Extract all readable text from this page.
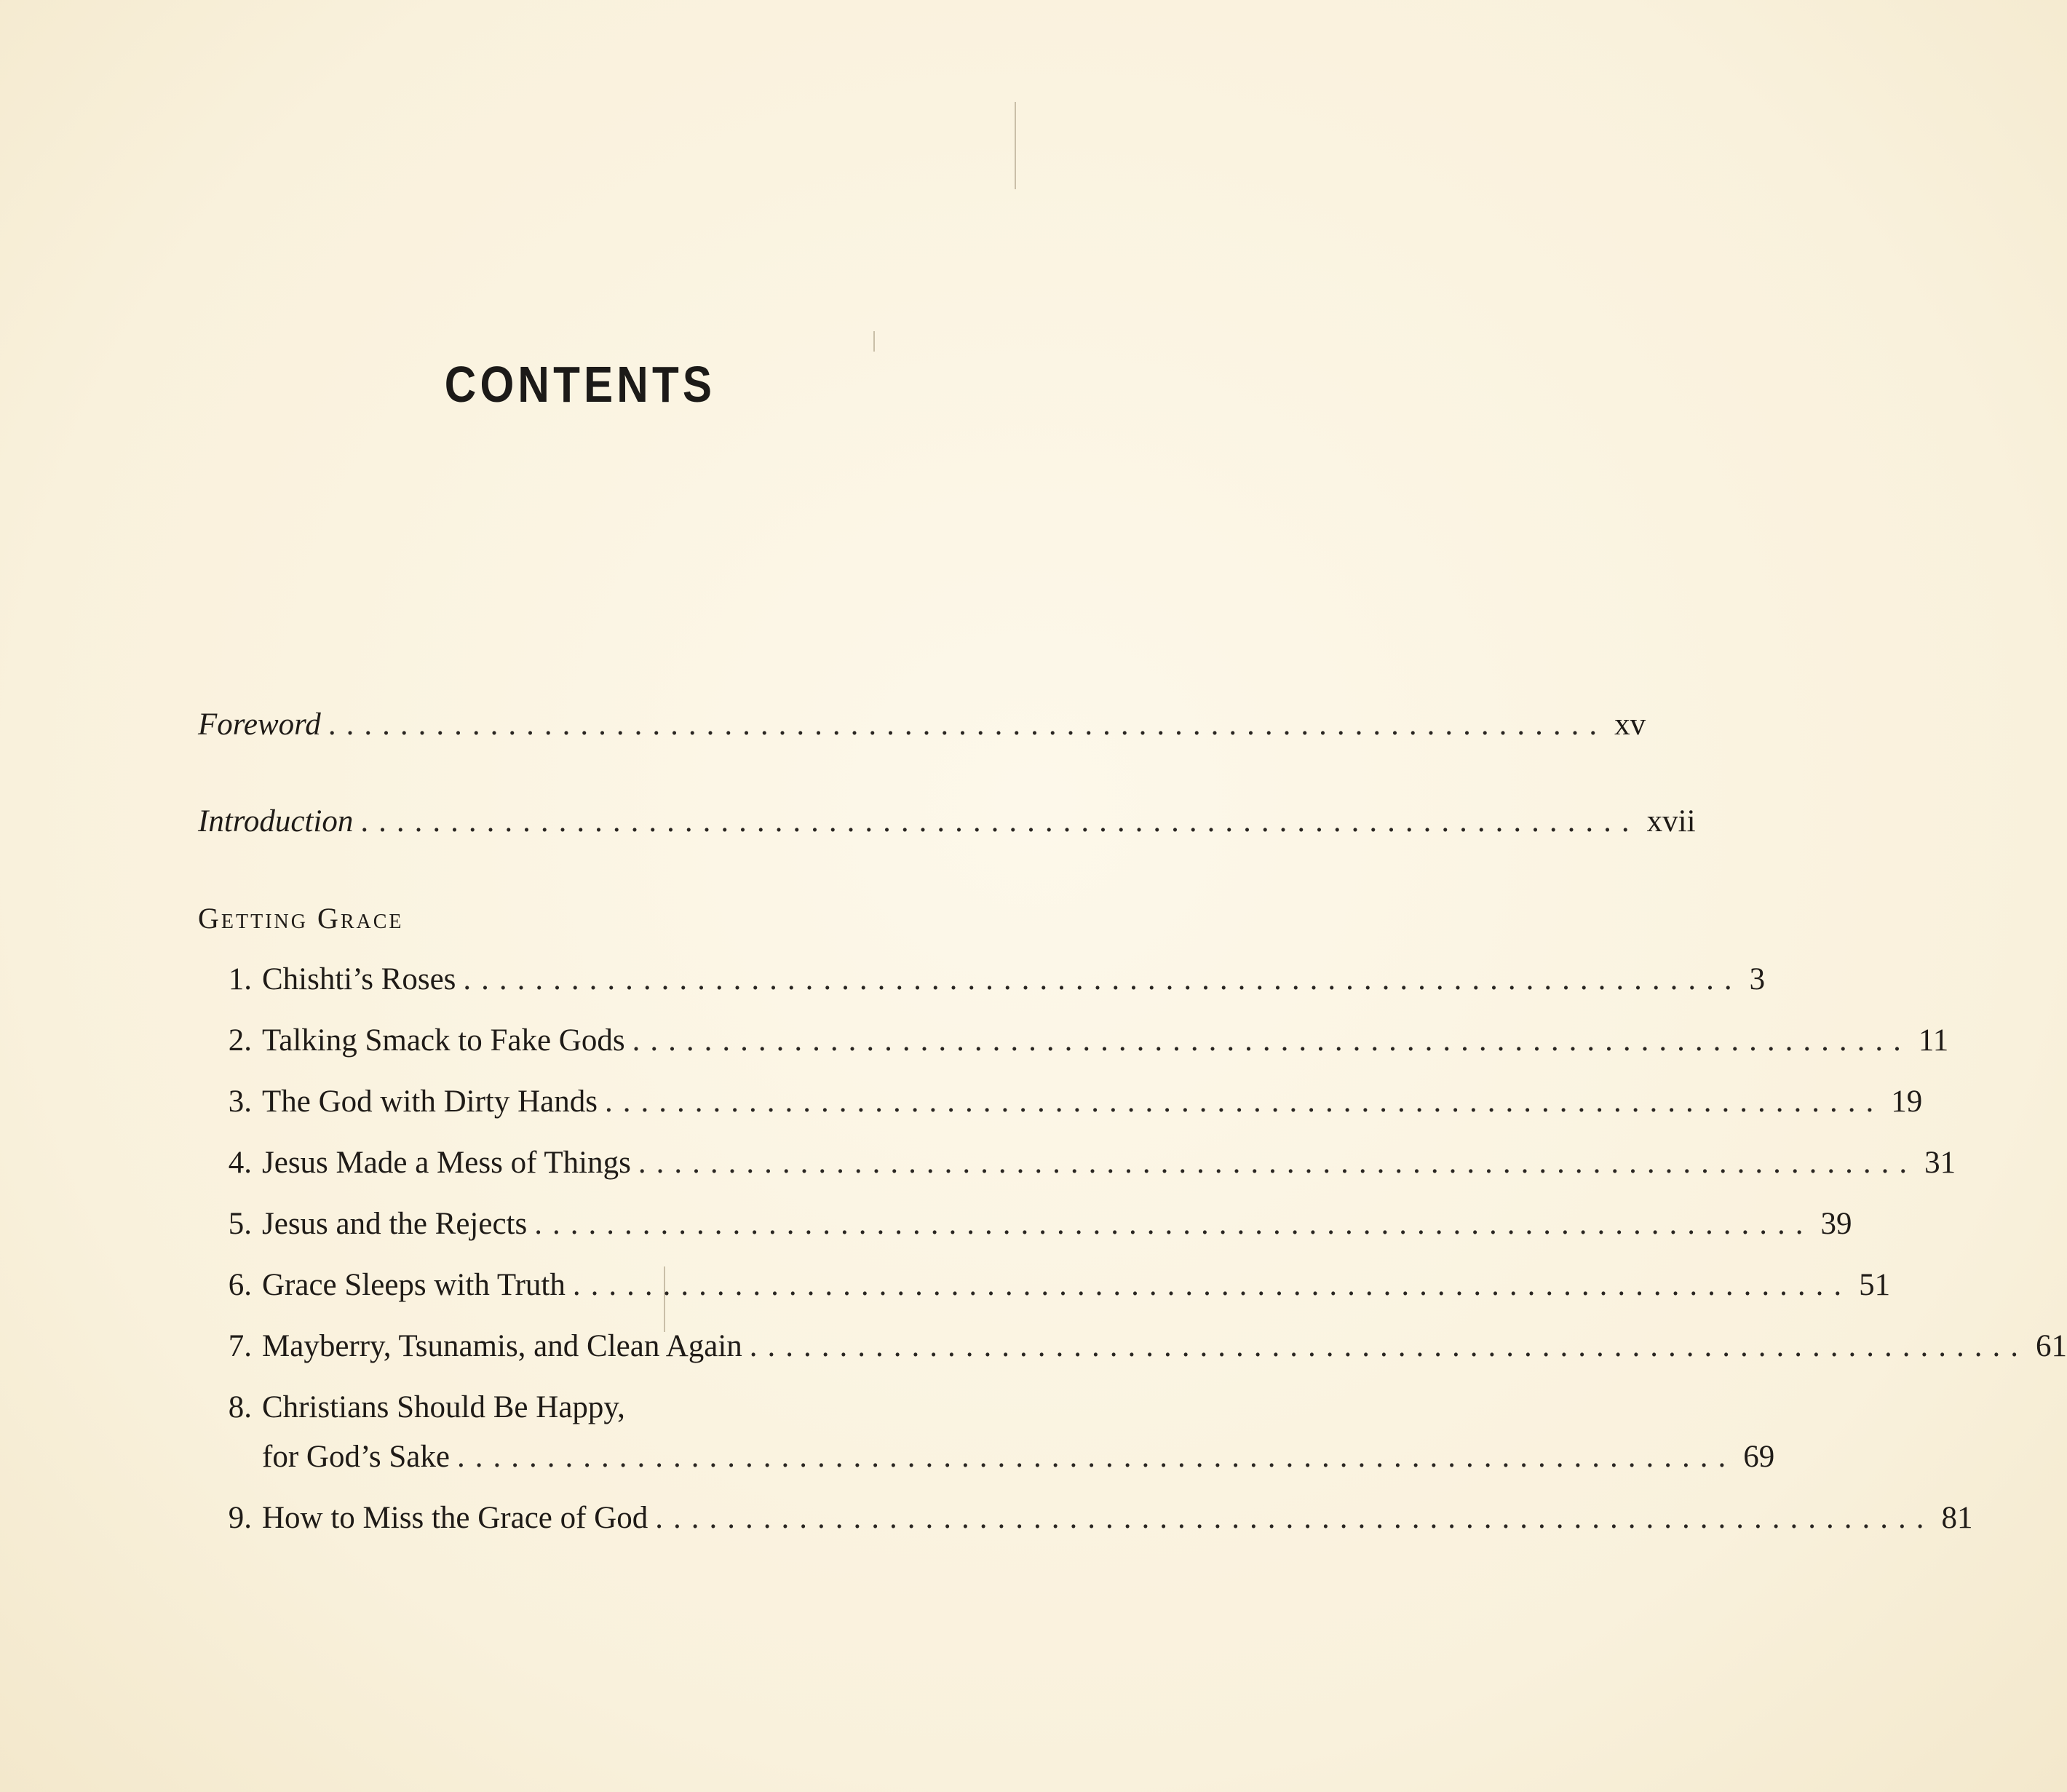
CONTENTS
Foreword ....................................................................... xv
Introduction ....................................................................... xvii
Getting Grace
1. Chishti’s Roses ....................................................................... 3
2. Talking Smack to Fake Gods ....................................................................... 11
3. The God with Dirty Hands ....................................................................... 19
4. Jesus Made a Mess of Things ....................................................................... 31
5. Jesus and the Rejects ....................................................................... 39
6. Grace Sleeps with Truth ....................................................................... 51
7. Mayberry, Tsunamis, and Clean Again ....................................................................... 61
8. Christians Should Be Happy,
for God’s Sake ....................................................................... 69
9. How to Miss the Grace of God ....................................................................... 81
